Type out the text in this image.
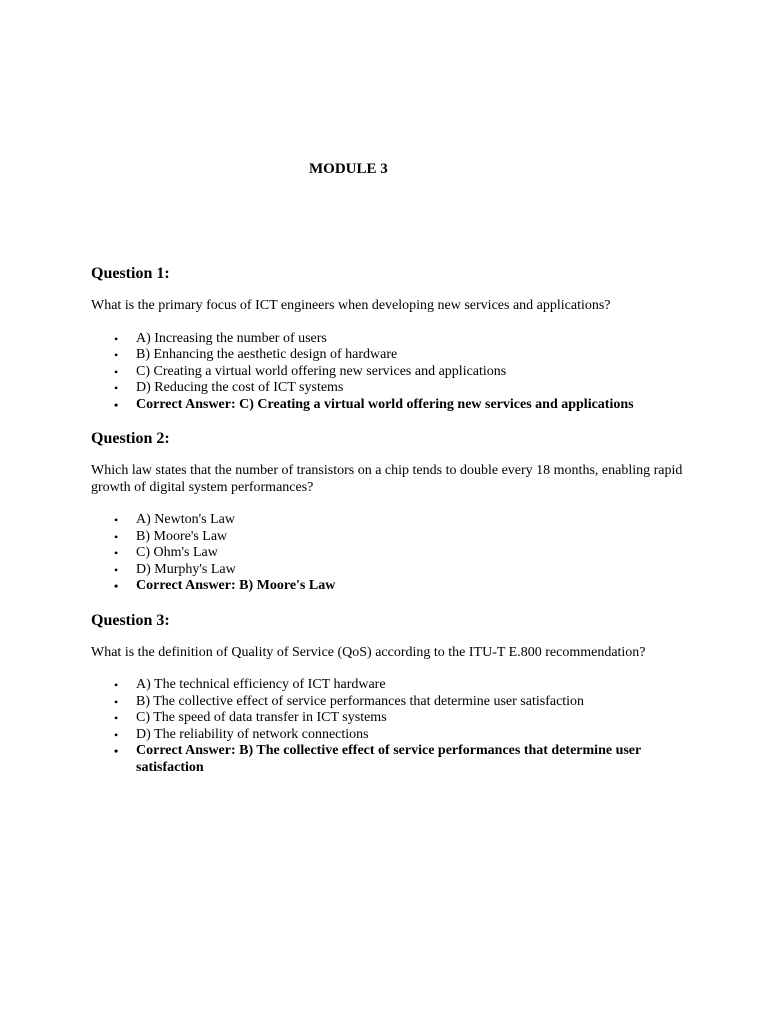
MODULE 3
Question 1:

What is the primary focus of ICT engineers when developing new services and applications?

• A) Increasing the number of users
• B) Enhancing the aesthetic design of hardware
• C) Creating a virtual world offering new services and applications
• D) Reducing the cost of ICT systems
• Correct Answer: C) Creating a virtual world offering new services and applications
Question 2:

Which law states that the number of transistors on a chip tends to double every 18 months, enabling rapid growth of digital system performances?

• A) Newton's Law
• B) Moore's Law
• C) Ohm's Law
• D) Murphy's Law
• Correct Answer: B) Moore's Law
Question 3:

What is the definition of Quality of Service (QoS) according to the ITU-T E.800 recommendation?

• A) The technical efficiency of ICT hardware
• B) The collective effect of service performances that determine user satisfaction
• C) The speed of data transfer in ICT systems
• D) The reliability of network connections
• Correct Answer: B) The collective effect of service performances that determine user satisfaction
